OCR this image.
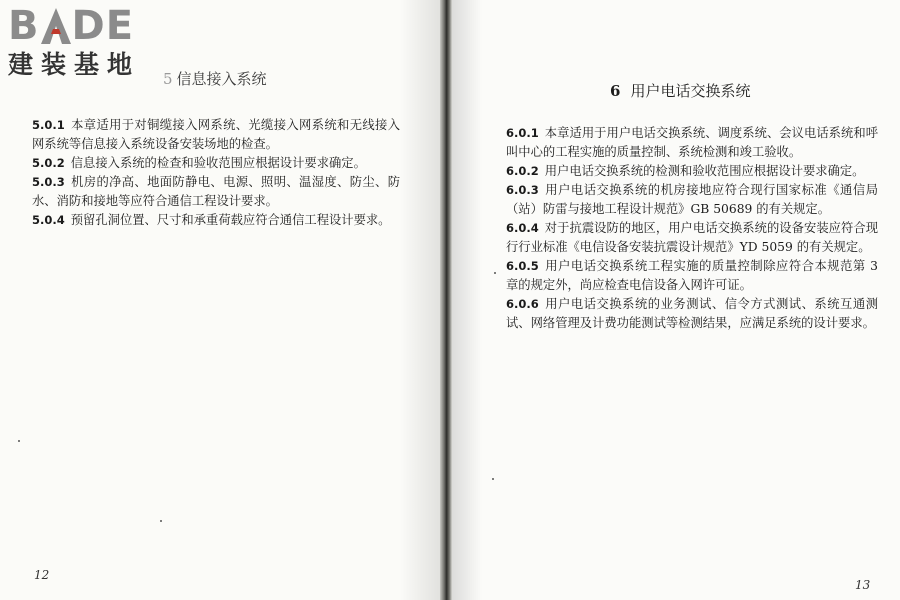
B DE
建装基地 5 信息接入系统

5.0.1 本章适用于对铜缆接入网系统、光缆接入网系统和无线接入网系统等信息接入系统设备安装场地的检查。

5.0.2 信息接入系统的检查和验收范围应根据设计要求确定。

5.0.3 机房的净高、地面防静电、电源、照明、温湿度、防尘、防水、消防和接地等应符合通信工程设计要求。

5.0.4 预留孔洞位置、尺寸和承重荷载应符合通信工程设计要求。

12
6 用户电话交换系统

6.0.1 本章适用于用户电话交换系统、调度系统、会议电话系统和呼叫中心的工程实施的质量控制、系统检测和竣工验收。

6.0.2 用户电话交换系统的检测和验收范围应根据设计要求确定。

6.0.3 用户电话交换系统的机房接地应符合现行国家标准《通信局（站）防雷与接地工程设计规范》GB 50689 的有关规定。

6.0.4 对于抗震设防的地区，用户电话交换系统的设备安装应符合现行行业标准《电信设备安装抗震设计规范》YD 5059 的有关规定。

6.0.5 用户电话交换系统工程实施的质量控制除应符合本规范第 3 章的规定外，尚应检查电信设备入网许可证。

6.0.6 用户电话交换系统的业务测试、信令方式测试、系统互通测试、网络管理及计费功能测试等检测结果，应满足系统的设计要求。

13
